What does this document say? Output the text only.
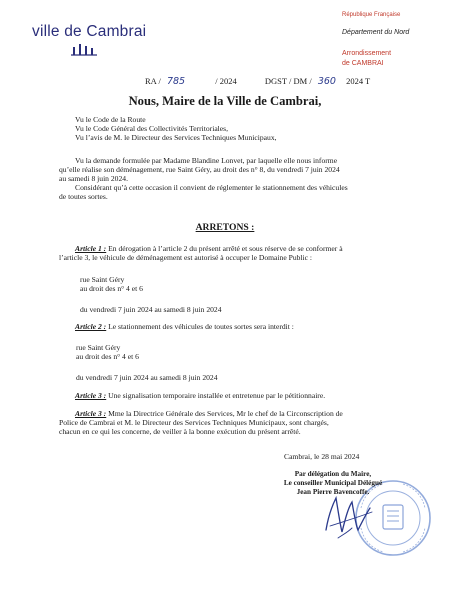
ville de Cambrai
République Française
Département du Nord
Arrondissement
de CAMBRAI
RA / 785	/ 2024	DGST / DM / 360 2024 T
Nous, Maire de la Ville de Cambrai,
Vu le Code de la Route
Vu le Code Général des Collectivités Territoriales,
Vu l’avis de M. le Directeur des Services Techniques Municipaux,
Vu la demande formulée par Madame Blandine Lonvet, par laquelle elle nous informe
qu’elle réalise son déménagement, rue Saint Géry, au droit des n° 8, du vendredi 7 juin 2024
au samedi 8 juin 2024.
Considérant qu’à cette occasion il convient de réglementer le stationnement des véhicules
de toutes sortes.
ARRETONS :
Article 1 : En dérogation à l’article 2 du présent arrêté et sous réserve de se conformer à
l’article 3, le véhicule de déménagement est autorisé à occuper le Domaine Public :
rue Saint Géry
au droit des n° 4 et 6
du vendredi 7 juin 2024 au samedi 8 juin 2024
Article 2 : Le stationnement des véhicules de toutes sortes sera interdit :
rue Saint Géry
au droit des n° 4 et 6
du vendredi 7 juin 2024 au samedi 8 juin 2024
Article 3 : Une signalisation temporaire installée et entretenue par le pétitionnaire.
Article 3 : Mme la Directrice Générale des Services, Mr le chef de la Circonscription de
Police de Cambrai et M. le Directeur des Services Techniques Municipaux, sont chargés,
chacun en ce qui les concerne, de veiller à la bonne exécution du présent arrêté.
Cambrai, le 28 mai 2024
Par délégation du Maire,
Le conseiller Municipal Délégué
Jean Pierre Bavencoffe.
